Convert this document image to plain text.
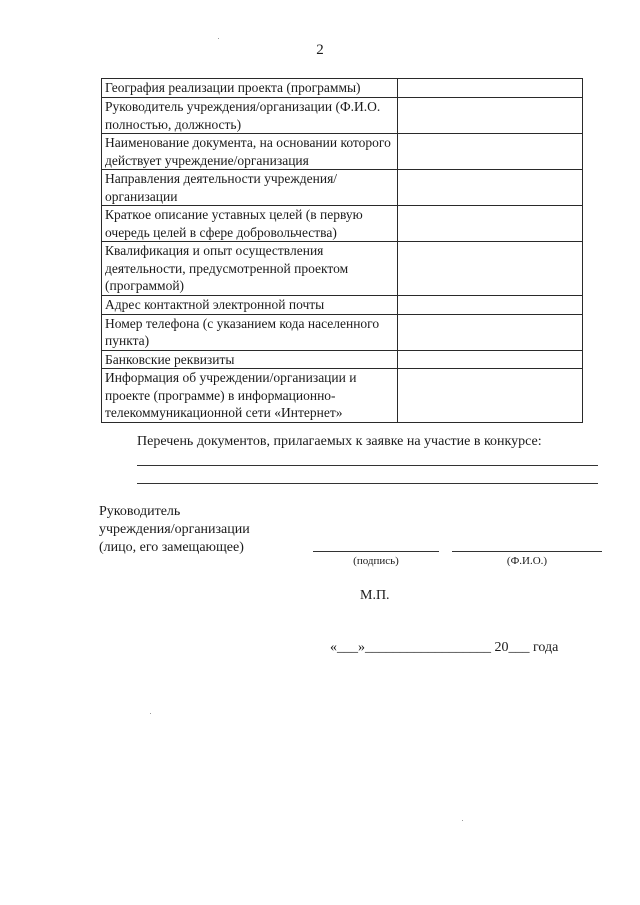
2
География реализации проекта (программы)	
Руководитель учреждения/организации (Ф.И.О. полностью, должность)	
Наименование документа, на основании которого действует учреждение/организация	
Направления деятельности учреждения/организации	
Краткое описание уставных целей (в первую очередь целей в сфере добровольчества)	
Квалификация и опыт осуществления деятельности, предусмотренной проектом (программой)	
Адрес контактной электронной почты	
Номер телефона (с указанием кода населенного пункта)	
Банковские реквизиты	
Информация об учреждении/организации и проекте (программе) в информационно-телекоммуникационной сети «Интернет»	
Перечень документов, прилагаемых к заявке на участие в конкурсе:
Руководитель
учреждения/организации
(лицо, его замещающее)
(подпись)	(Ф.И.О.)
М.П.
«___»__________________ 20___ года
